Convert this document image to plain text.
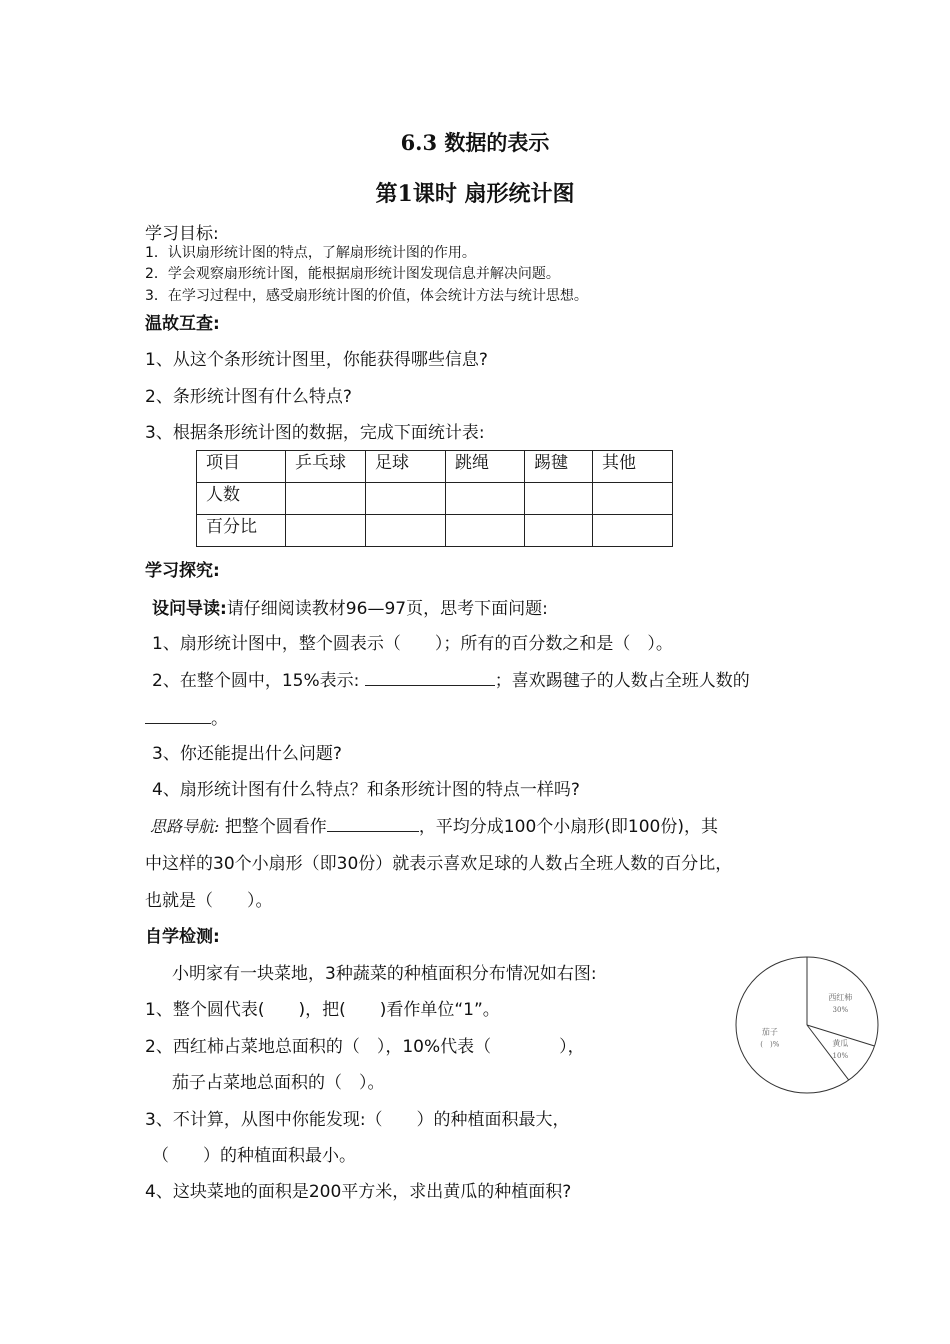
6.3 数据的表示
第1课时 扇形统计图
学习目标:
1．认识扇形统计图的特点，了解扇形统计图的作用。
2．学会观察扇形统计图，能根据扇形统计图发现信息并解决问题。
3．在学习过程中，感受扇形统计图的价值，体会统计方法与统计思想。
温故互查:
1、从这个条形统计图里，你能获得哪些信息?
2、条形统计图有什么特点?
3、根据条形统计图的数据，完成下面统计表:
项目	乒乓球	足球	跳绳	踢毽	其他
人数					
百分比					
学习探究:
设问导读:请仔细阅读教材96—97页，思考下面问题:
1、扇形统计图中，整个圆表示（　　）；所有的百分数之和是（　）。
2、在整个圆中，15%表示:	；喜欢踢毽子的人数占全班人数的
。
3、你还能提出什么问题?
4、扇形统计图有什么特点？和条形统计图的特点一样吗?
思路导航: 把整个圆看作	，平均分成100个小扇形(即100份)，其
中这样的30个小扇形（即30份）就表示喜欢足球的人数占全班人数的百分比，
也就是（　　）。
自学检测:
小明家有一块菜地，3种蔬菜的种植面积分布情况如右图:
1、整个圆代表(　　)，把(　　)看作单位“1”。
2、西红柿占菜地总面积的（　），10%代表（　　　　），
茄子占菜地总面积的（　）。
3、不计算，从图中你能发现:（　　）的种植面积最大，
（　　）的种植面积最小。
4、这块菜地的面积是200平方米，求出黄瓜的种植面积?
西红柿
30%
黄瓜
10%
茄子
(　)%
